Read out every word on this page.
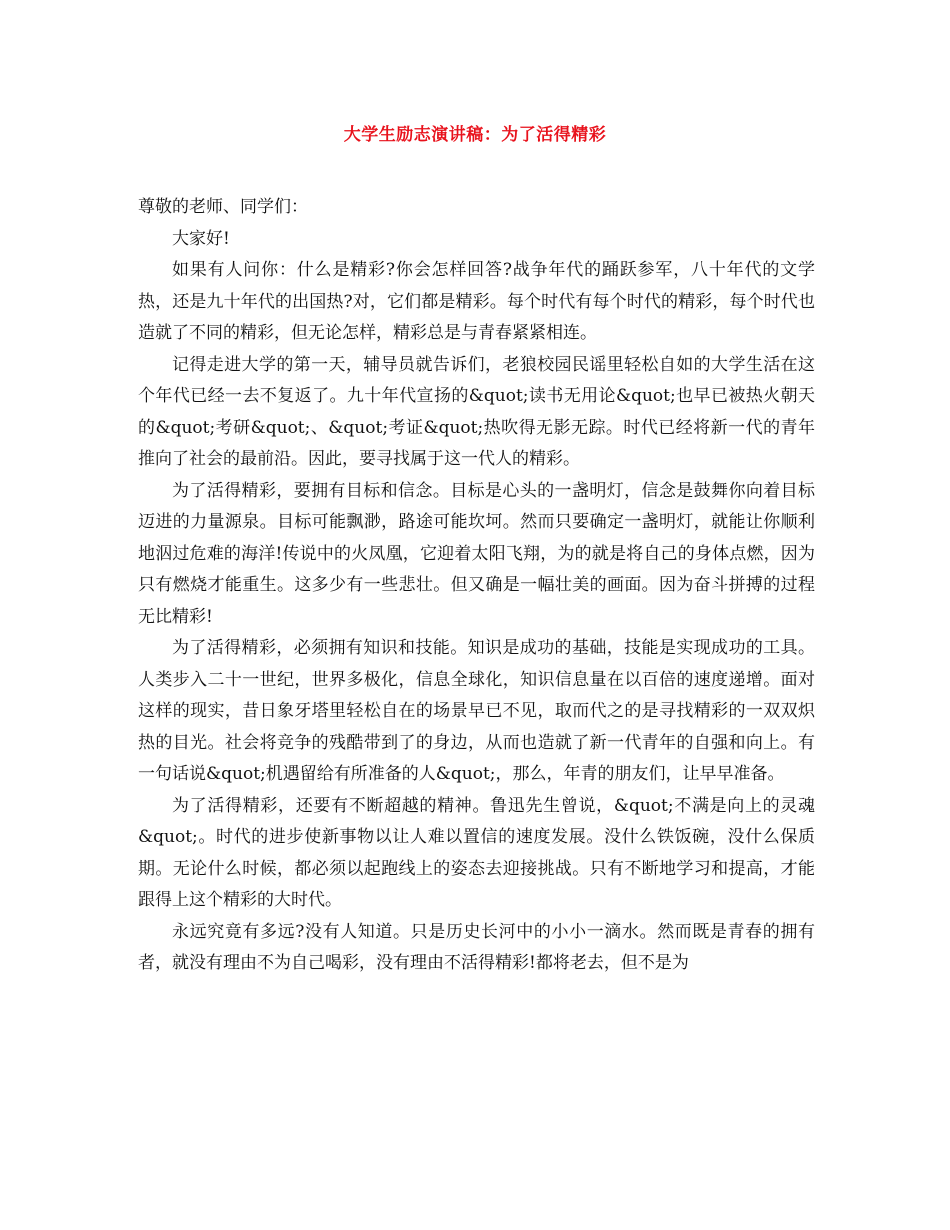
大学生励志演讲稿：为了活得精彩

尊敬的老师、同学们：

大家好!

如果有人问你：什么是精彩?你会怎样回答?战争年代的踊跃参军，八十年代的文学热，还是九十年代的出国热?对，它们都是精彩。每个时代有每个时代的精彩，每个时代也造就了不同的精彩，但无论怎样，精彩总是与青春紧紧相连。

记得走进大学的第一天，辅导员就告诉们，老狼校园民谣里轻松自如的大学生活在这个年代已经一去不复返了。九十年代宣扬的&quot;读书无用论&quot;也早已被热火朝天的&quot;考研&quot;、&quot;考证&quot;热吹得无影无踪。时代已经将新一代的青年推向了社会的最前沿。因此，要寻找属于这一代人的精彩。

为了活得精彩，要拥有目标和信念。目标是心头的一盏明灯，信念是鼓舞你向着目标迈进的力量源泉。目标可能飘渺，路途可能坎坷。然而只要确定一盏明灯，就能让你顺利地泅过危难的海洋!传说中的火凤凰，它迎着太阳飞翔，为的就是将自己的身体点燃，因为只有燃烧才能重生。这多少有一些悲壮。但又确是一幅壮美的画面。因为奋斗拼搏的过程无比精彩!

为了活得精彩，必须拥有知识和技能。知识是成功的基础，技能是实现成功的工具。人类步入二十一世纪，世界多极化，信息全球化，知识信息量在以百倍的速度递增。面对这样的现实，昔日象牙塔里轻松自在的场景早已不见，取而代之的是寻找精彩的一双双炽热的目光。社会将竞争的残酷带到了的身边，从而也造就了新一代青年的自强和向上。有一句话说&quot;机遇留给有所准备的人&quot;，那么，年青的朋友们，让早早准备。

为了活得精彩，还要有不断超越的精神。鲁迅先生曾说，&quot;不满是向上的灵魂&quot;。时代的进步使新事物以让人难以置信的速度发展。没什么铁饭碗，没什么保质期。无论什么时候，都必须以起跑线上的姿态去迎接挑战。只有不断地学习和提高，才能跟得上这个精彩的大时代。

永远究竟有多远?没有人知道。只是历史长河中的小小一滴水。然而既是青春的拥有者，就没有理由不为自己喝彩，没有理由不活得精彩!都将老去，但不是为
